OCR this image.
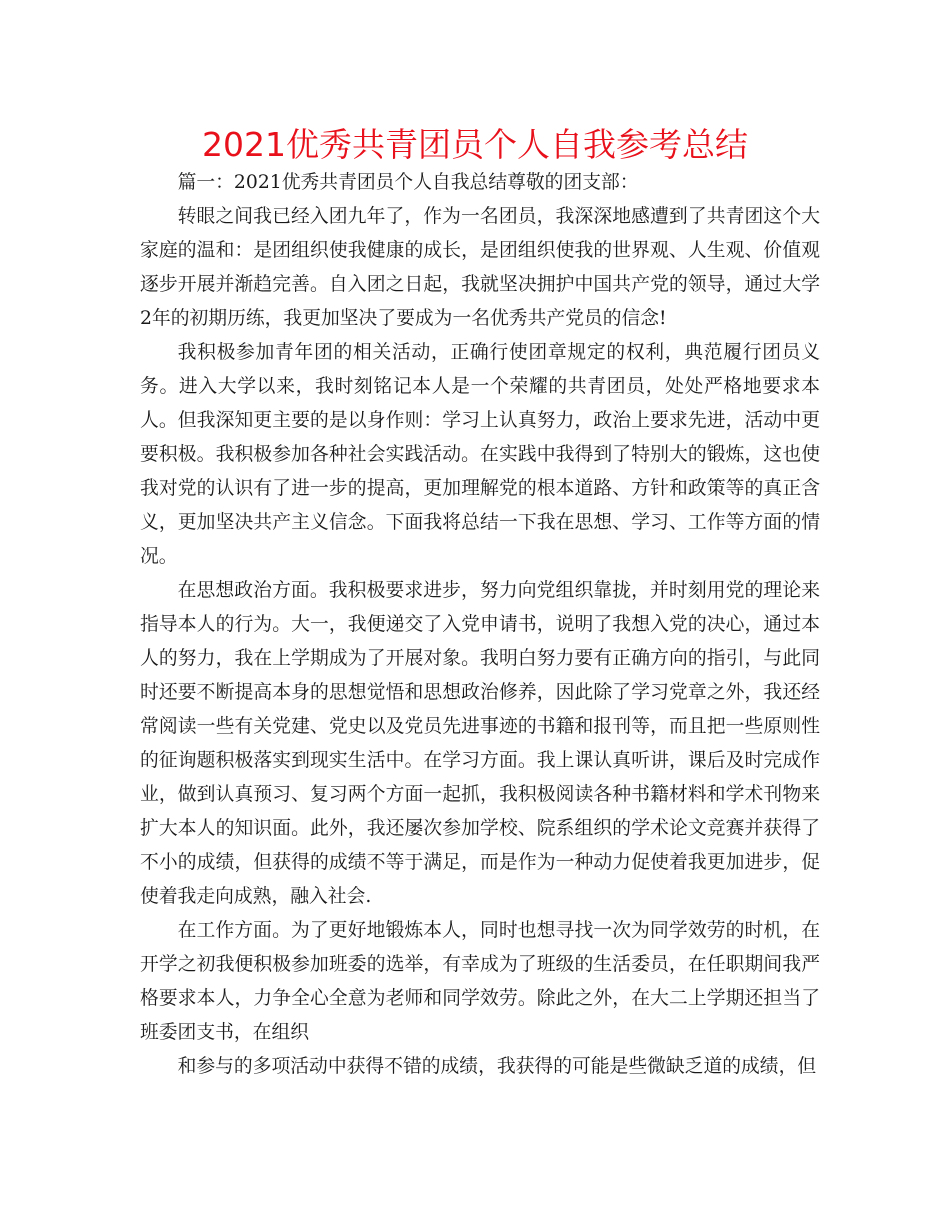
2021优秀共青团员个人自我参考总结

篇一：2021优秀共青团员个人自我总结尊敬的团支部：

转眼之间我已经入团九年了，作为一名团员，我深深地感遭到了共青团这个大家庭的温和：是团组织使我健康的成长，是团组织使我的世界观、人生观、价值观逐步开展并渐趋完善。自入团之日起，我就坚决拥护中国共产党的领导，通过大学2年的初期历练，我更加坚决了要成为一名优秀共产党员的信念!

我积极参加青年团的相关活动，正确行使团章规定的权利，典范履行团员义务。进入大学以来，我时刻铭记本人是一个荣耀的共青团员，处处严格地要求本人。但我深知更主要的是以身作则：学习上认真努力，政治上要求先进，活动中更要积极。我积极参加各种社会实践活动。在实践中我得到了特别大的锻炼，这也使我对党的认识有了进一步的提高，更加理解党的根本道路、方针和政策等的真正含义，更加坚决共产主义信念。下面我将总结一下我在思想、学习、工作等方面的情况。

在思想政治方面。我积极要求进步，努力向党组织靠拢，并时刻用党的理论来指导本人的行为。大一，我便递交了入党申请书，说明了我想入党的决心，通过本人的努力，我在上学期成为了开展对象。我明白努力要有正确方向的指引，与此同时还要不断提高本身的思想觉悟和思想政治修养，因此除了学习党章之外，我还经常阅读一些有关党建、党史以及党员先进事迹的书籍和报刊等，而且把一些原则性的征询题积极落实到现实生活中。在学习方面。我上课认真听讲，课后及时完成作业，做到认真预习、复习两个方面一起抓，我积极阅读各种书籍材料和学术刊物来扩大本人的知识面。此外，我还屡次参加学校、院系组织的学术论文竞赛并获得了不小的成绩，但获得的成绩不等于满足，而是作为一种动力促使着我更加进步，促使着我走向成熟，融入社会.

在工作方面。为了更好地锻炼本人，同时也想寻找一次为同学效劳的时机，在开学之初我便积极参加班委的选举，有幸成为了班级的生活委员，在任职期间我严格要求本人，力争全心全意为老师和同学效劳。除此之外，在大二上学期还担当了班委团支书，在组织

和参与的多项活动中获得不错的成绩，我获得的可能是些微缺乏道的成绩，但
